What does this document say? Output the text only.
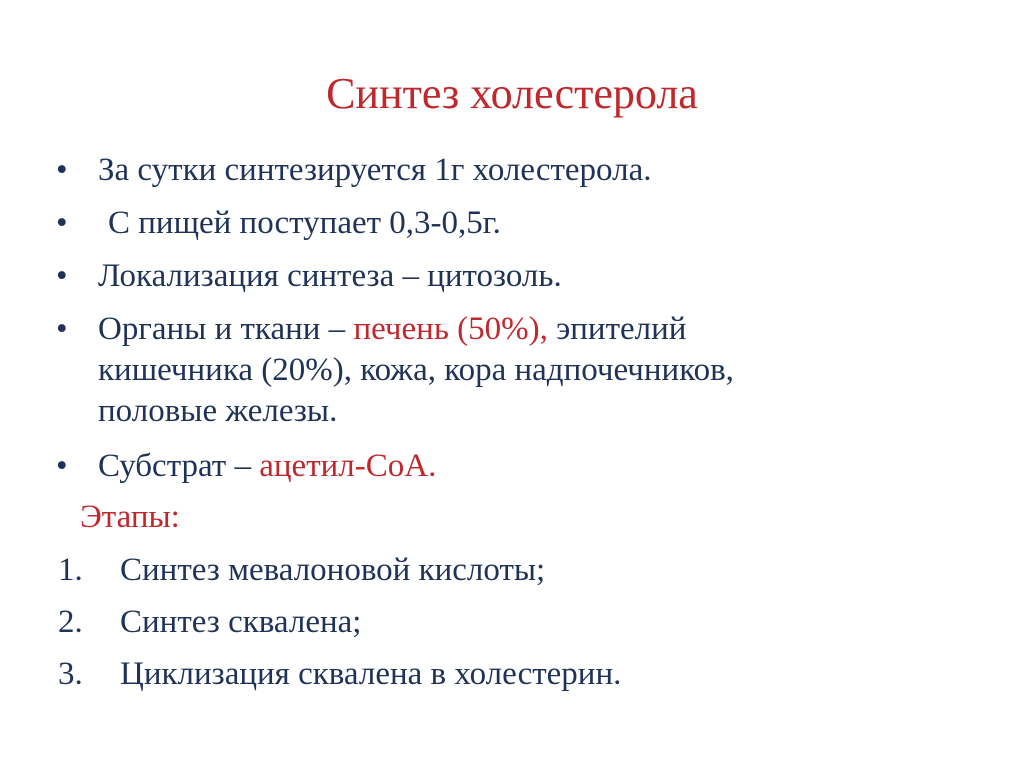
Синтез холестерола
• За сутки синтезируется 1г холестерола.
• С пищей поступает 0,3-0,5г.
• Локализация синтеза – цитозоль.
• Органы и ткани – печень (50%), эпителий
кишечника (20%), кожа, кора надпочечников,
половые железы.
• Субстрат – ацетил-СоА.
Этапы:
1. Синтез мевалоновой кислоты;
2. Синтез сквалена;
3. Циклизация сквалена в холестерин.
